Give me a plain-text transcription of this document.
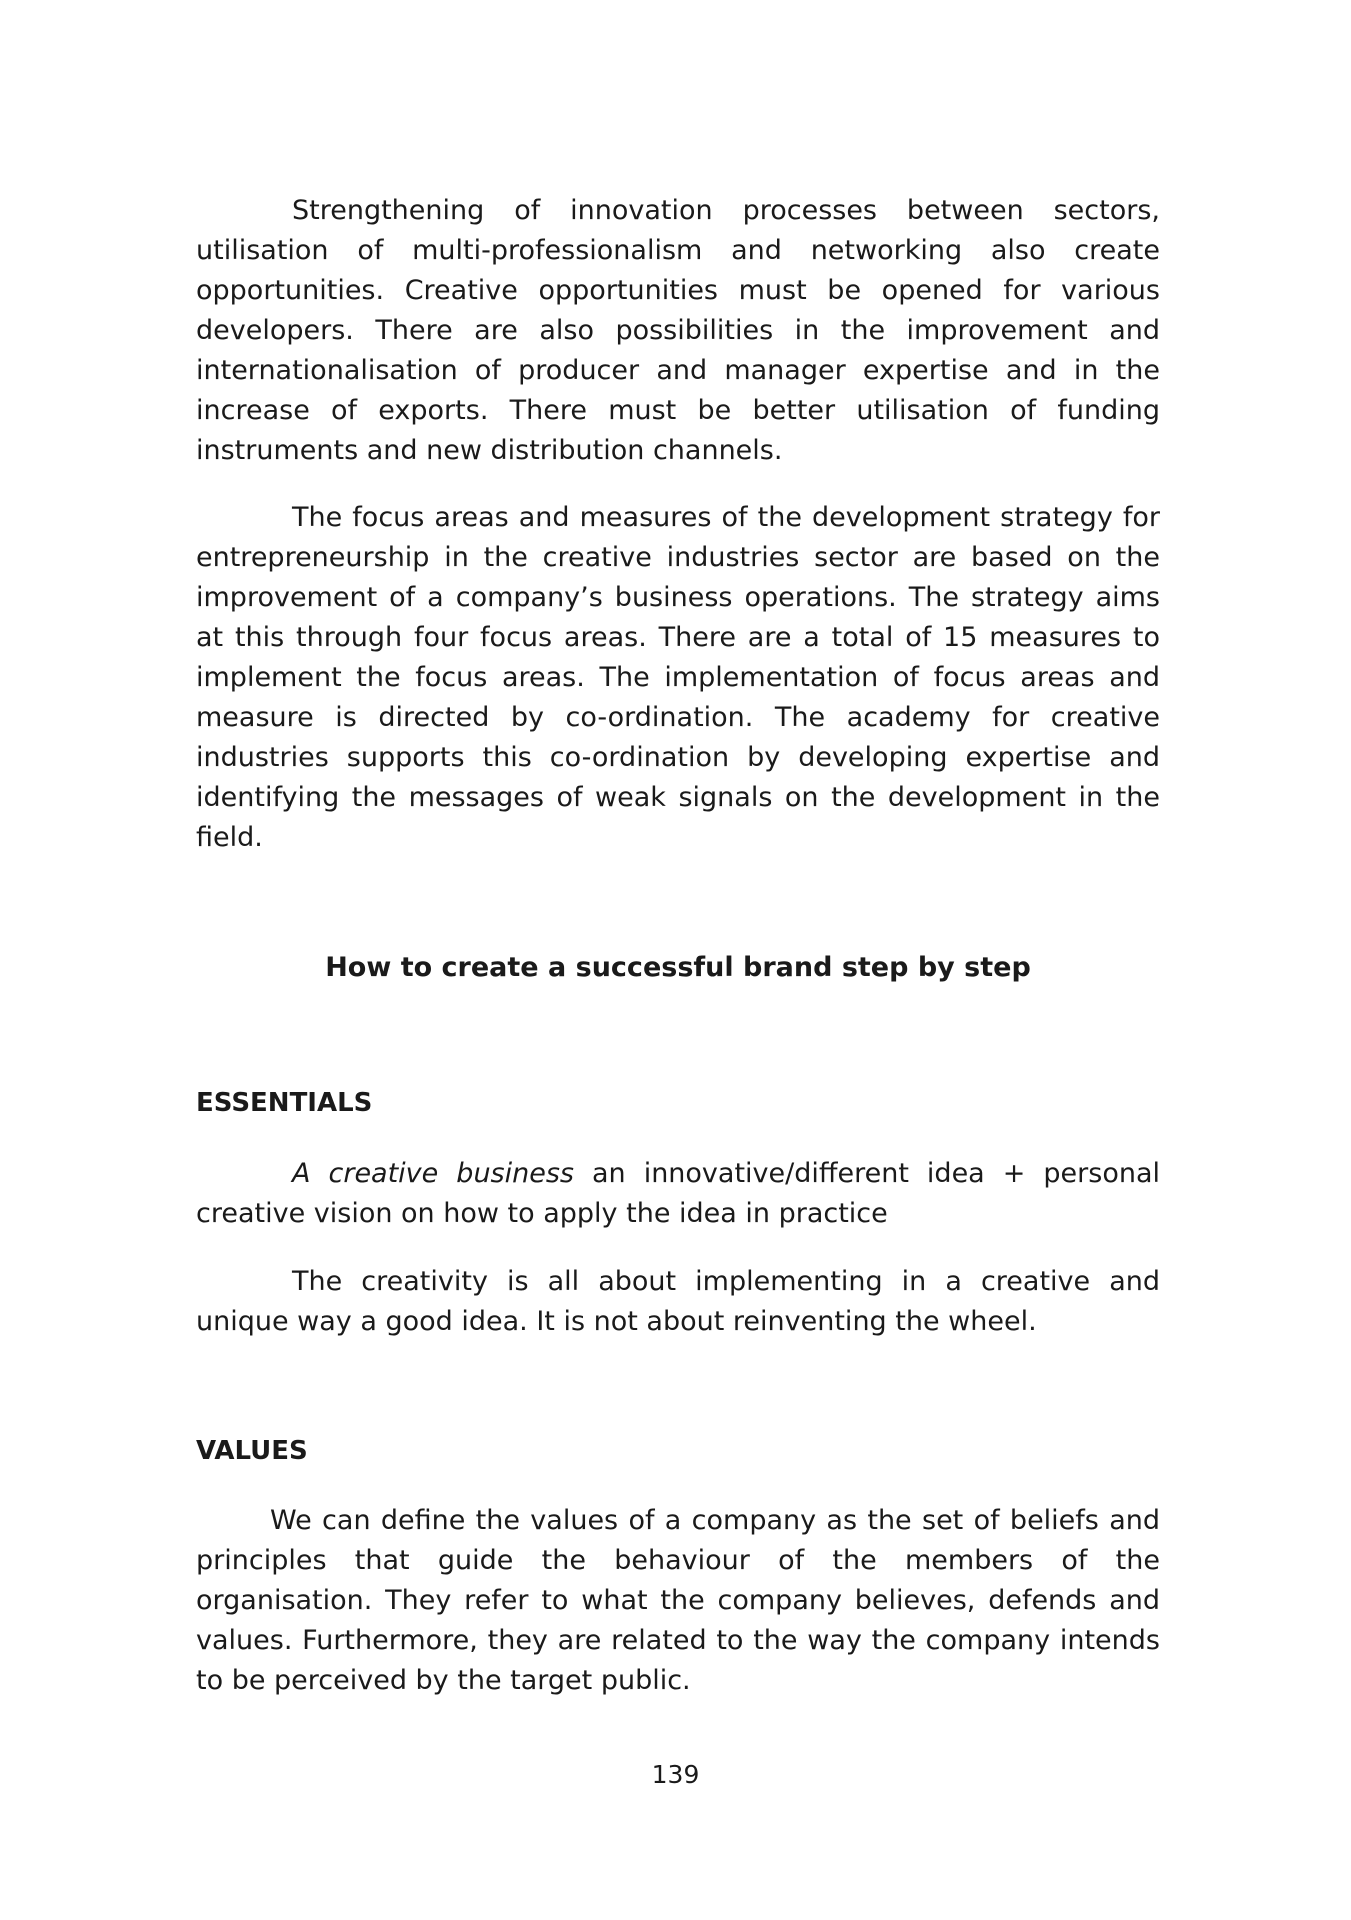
Strengthening of innovation processes between sectors, utilisation of multi-professionalism and networking also create opportunities. Creative opportunities must be opened for various developers. There are also possibilities in the improvement and internationalisation of producer and manager expertise and in the increase of exports. There must be better utilisation of funding instruments and new distribution channels.

The focus areas and measures of the development strategy for entrepreneurship in the creative industries sector are based on the improvement of a company’s business operations. The strategy aims at this through four focus areas. There are a total of 15 measures to implement the focus areas. The implementation of focus areas and measure is directed by co-ordination. The academy for creative industries supports this co-ordination by developing expertise and identifying the messages of weak signals on the development in the field.

How to create a successful brand step by step
ESSENTIALS

A creative business an innovative/different idea + personal creative vision on how to apply the idea in practice

The creativity is all about implementing in a creative and unique way a good idea. It is not about reinventing the wheel.

VALUES

We can define the values of a company as the set of beliefs and principles that guide the behaviour of the members of the organisation. They refer to what the company believes, defends and values. Furthermore, they are related to the way the company intends to be perceived by the target public.

139
